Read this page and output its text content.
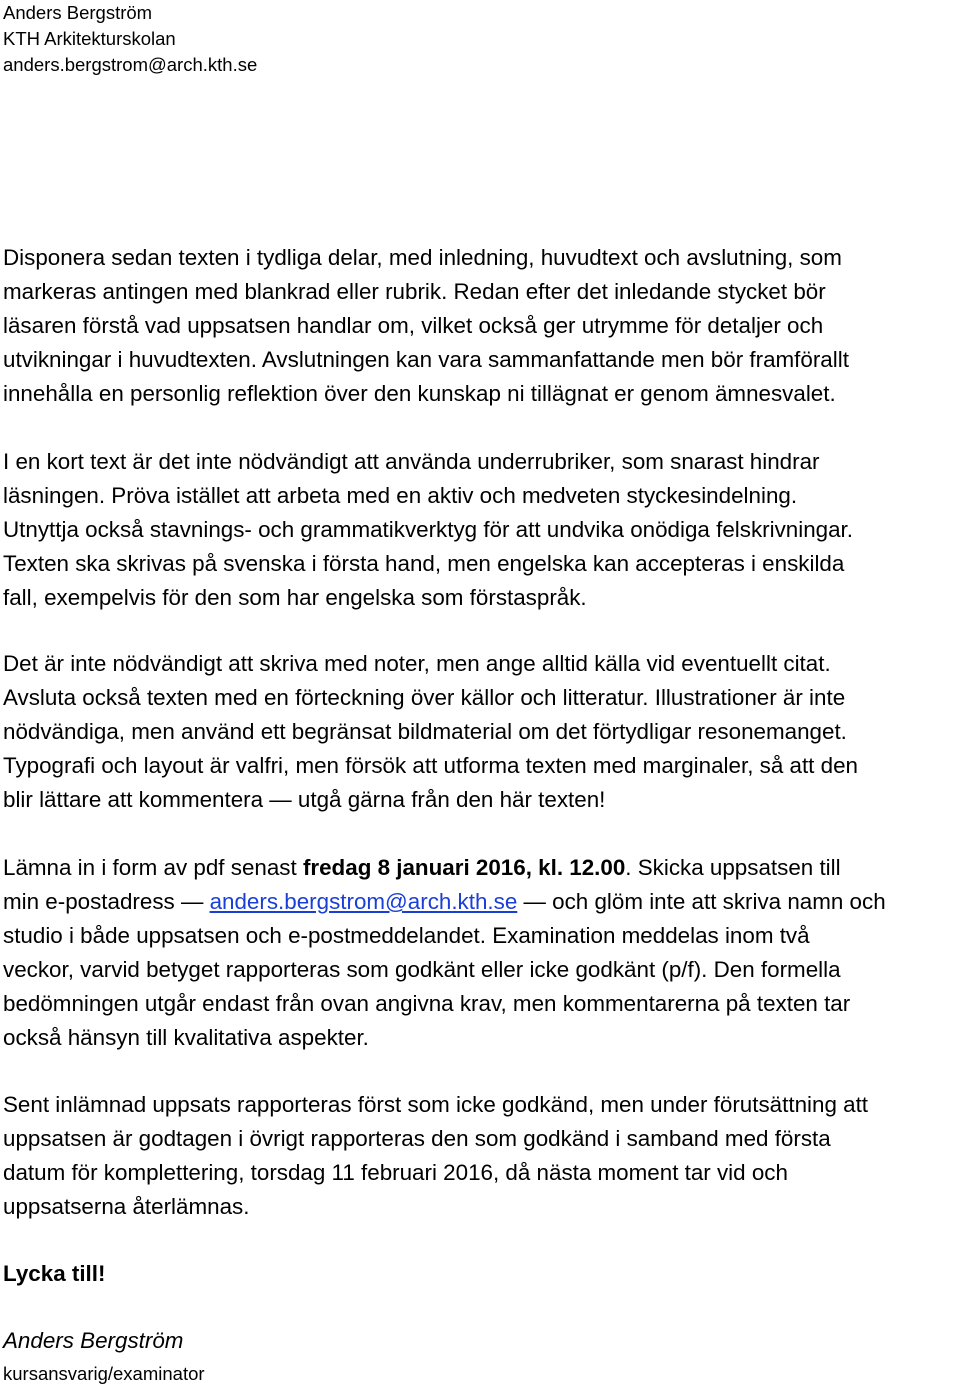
Anders Bergström
KTH Arkitekturskolan
anders.bergstrom@arch.kth.se
Disponera sedan texten i tydliga delar, med inledning, huvudtext och avslutning, som
markeras antingen med blankrad eller rubrik. Redan efter det inledande stycket bör
läsaren förstå vad uppsatsen handlar om, vilket också ger utrymme för detaljer och
utvikningar i huvudtexten. Avslutningen kan vara sammanfattande men bör framförallt
innehålla en personlig reflektion över den kunskap ni tillägnat er genom ämnesvalet.
I en kort text är det inte nödvändigt att använda underrubriker, som snarast hindrar
läsningen. Pröva istället att arbeta med en aktiv och medveten styckesindelning.
Utnyttja också stavnings- och grammatikverktyg för att undvika onödiga felskrivningar.
Texten ska skrivas på svenska i första hand, men engelska kan accepteras i enskilda
fall, exempelvis för den som har engelska som förstaspråk.
Det är inte nödvändigt att skriva med noter, men ange alltid källa vid eventuellt citat.
Avsluta också texten med en förteckning över källor och litteratur. Illustrationer är inte
nödvändiga, men använd ett begränsat bildmaterial om det förtydligar resonemanget.
Typografi och layout är valfri, men försök att utforma texten med marginaler, så att den
blir lättare att kommentera — utgå gärna från den här texten!
Lämna in i form av pdf senast fredag 8 januari 2016, kl. 12.00. Skicka uppsatsen till
min e-postadress — anders.bergstrom@arch.kth.se — och glöm inte att skriva namn och
studio i både uppsatsen och e-postmeddelandet. Examination meddelas inom två
veckor, varvid betyget rapporteras som godkänt eller icke godkänt (p/f). Den formella
bedömningen utgår endast från ovan angivna krav, men kommentarerna på texten tar
också hänsyn till kvalitativa aspekter.
Sent inlämnad uppsats rapporteras först som icke godkänd, men under förutsättning att
uppsatsen är godtagen i övrigt rapporteras den som godkänd i samband med första
datum för komplettering, torsdag 11 februari 2016, då nästa moment tar vid och
uppsatserna återlämnas.
Lycka till!
Anders Bergström
kursansvarig/examinator
